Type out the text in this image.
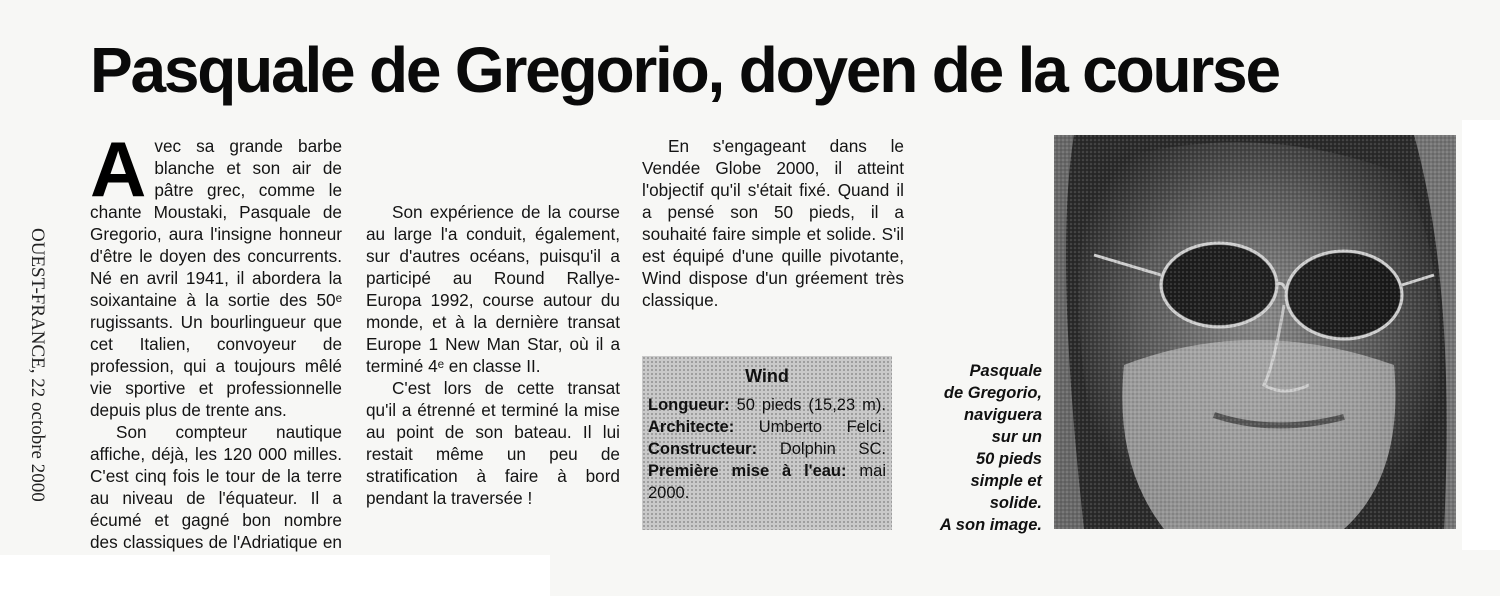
Pasquale de Gregorio, doyen de la course
OUEST-FRANCE, 22 octobre 2000

Avec sa grande barbe blanche et son air de pâtre grec, comme le chante Moustaki, Pasquale de Gregorio, aura l'insigne honneur d'être le doyen des concurrents. Né en avril 1941, il abordera la soixantaine à la sortie des 50ᵉ rugissants. Un bourlingueur que cet Italien, convoyeur de profession, qui a toujours mêlé vie sportive et professionnelle depuis plus de trente ans.

Son compteur nautique affiche, déjà, les 120 000 milles. C'est cinq fois le tour de la terre au niveau de l'équateur. Il a écumé et gagné bon nombre des classiques de l'Adriatique en

Son expérience de la course au large l'a conduit, également, sur d'autres océans, puisqu'il a participé au Round Rallye-Europa 1992, course autour du monde, et à la dernière transat Europe 1 New Man Star, où il a terminé 4ᵉ en classe II.

C'est lors de cette transat qu'il a étrenné et terminé la mise au point de son bateau. Il lui restait même un peu de stratification à faire à bord pendant la traversée !

En s'engageant dans le Vendée Globe 2000, il atteint l'objectif qu'il s'était fixé. Quand il a pensé son 50 pieds, il a souhaité faire simple et solide. S'il est équipé d'une quille pivotante, Wind dispose d'un gréement très classique.

Wind
Longueur: 50 pieds (15,23 m). Architecte: Umberto Felci. Constructeur: Dolphin SC. Première mise à l'eau: mai 2000.
Pasquale
de Gregorio,
naviguera
sur un
50 pieds
simple et
solide.
A son image.
